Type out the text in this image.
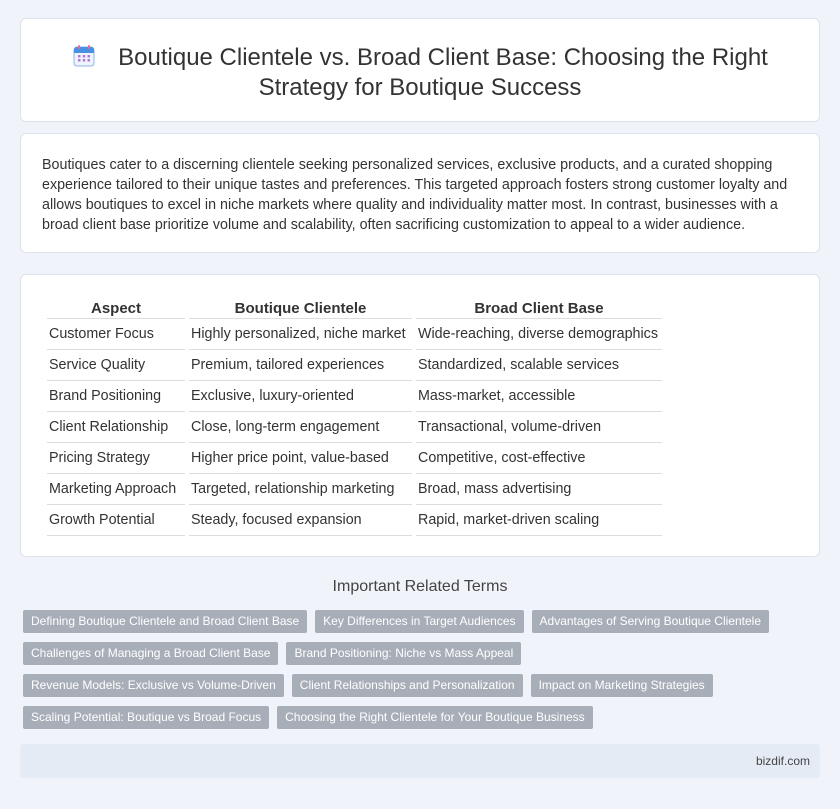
Boutique Clientele vs. Broad Client Base: Choosing the Right Strategy for Boutique Success

Boutiques cater to a discerning clientele seeking personalized services, exclusive products, and a curated shopping experience tailored to their unique tastes and preferences. This targeted approach fosters strong customer loyalty and allows boutiques to excel in niche markets where quality and individuality matter most. In contrast, businesses with a broad client base prioritize volume and scalability, often sacrificing customization to appeal to a wider audience.

Aspect	Boutique Clientele	Broad Client Base
Customer Focus	Highly personalized, niche market	Wide-reaching, diverse demographics
Service Quality	Premium, tailored experiences	Standardized, scalable services
Brand Positioning	Exclusive, luxury-oriented	Mass-market, accessible
Client Relationship	Close, long-term engagement	Transactional, volume-driven
Pricing Strategy	Higher price point, value-based	Competitive, cost-effective
Marketing Approach	Targeted, relationship marketing	Broad, mass advertising
Growth Potential	Steady, focused expansion	Rapid, market-driven scaling
Important Related Terms
Defining Boutique Clientele and Broad Client Base	Key Differences in Target Audiences	Advantages of Serving Boutique Clientele
Challenges of Managing a Broad Client Base	Brand Positioning: Niche vs Mass Appeal
Revenue Models: Exclusive vs Volume-Driven	Client Relationships and Personalization	Impact on Marketing Strategies
Scaling Potential: Boutique vs Broad Focus	Choosing the Right Clientele for Your Boutique Business
bizdif.com
